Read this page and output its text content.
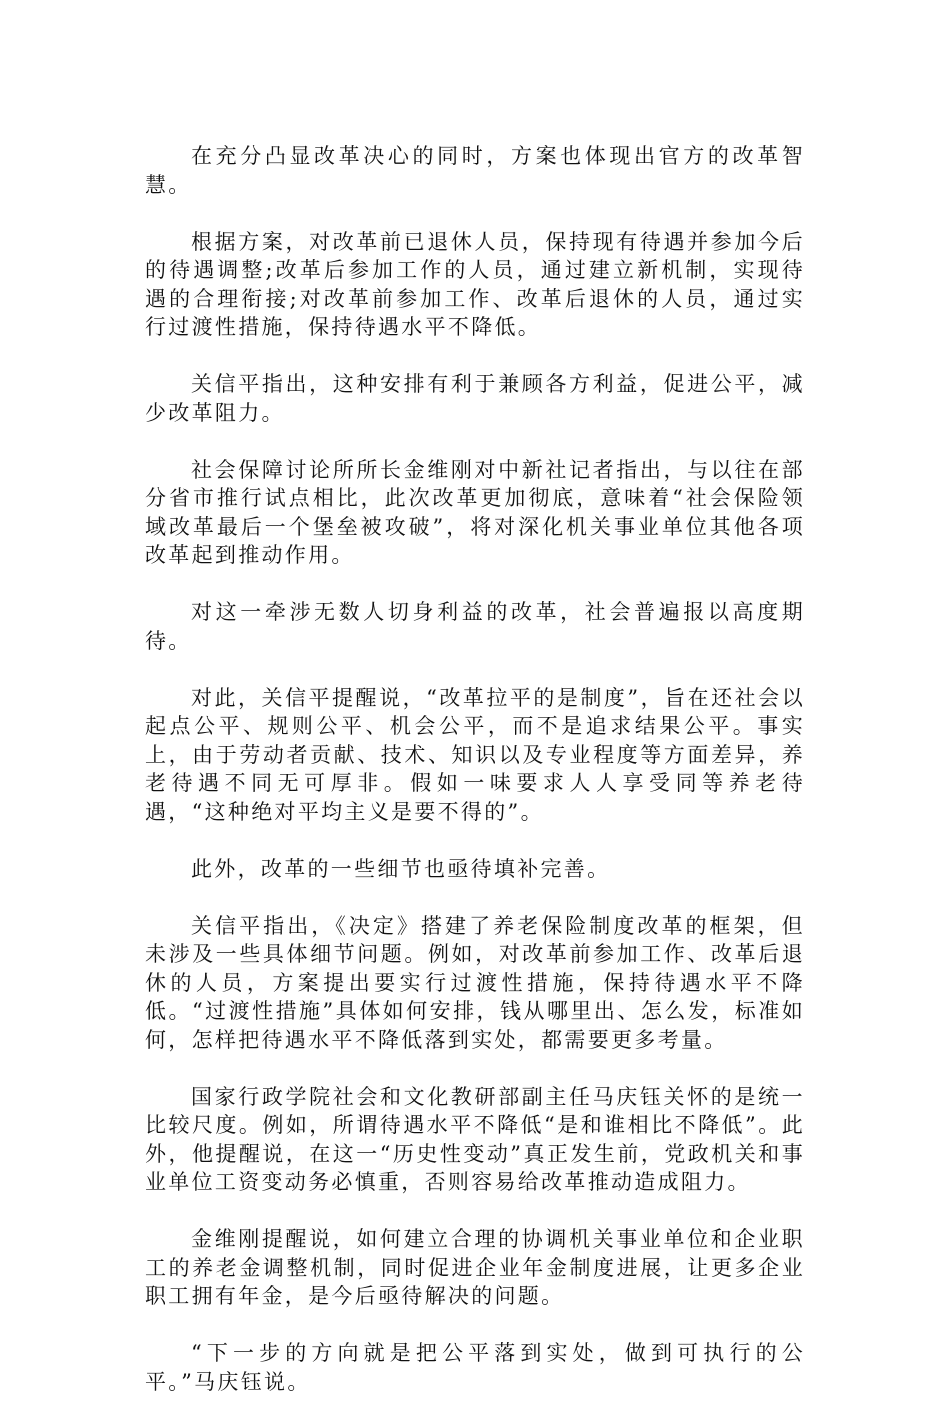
在充分凸显改革决心的同时，方案也体现出官方的改革智慧。

根据方案，对改革前已退休人员，保持现有待遇并参加今后的待遇调整;改革后参加工作的人员，通过建立新机制，实现待遇的合理衔接;对改革前参加工作、改革后退休的人员，通过实行过渡性措施，保持待遇水平不降低。

关信平指出，这种安排有利于兼顾各方利益，促进公平，减少改革阻力。

社会保障讨论所所长金维刚对中新社记者指出，与以往在部分省市推行试点相比，此次改革更加彻底，意味着“社会保险领域改革最后一个堡垒被攻破”，将对深化机关事业单位其他各项改革起到推动作用。

对这一牵涉无数人切身利益的改革，社会普遍报以高度期待。

对此，关信平提醒说，“改革拉平的是制度”，旨在还社会以起点公平、规则公平、机会公平，而不是追求结果公平。事实上，由于劳动者贡献、技术、知识以及专业程度等方面差异，养老待遇不同无可厚非。假如一味要求人人享受同等养老待遇，“这种绝对平均主义是要不得的”。

此外，改革的一些细节也亟待填补完善。

关信平指出，《决定》搭建了养老保险制度改革的框架，但未涉及一些具体细节问题。例如，对改革前参加工作、改革后退休的人员，方案提出要实行过渡性措施，保持待遇水平不降低。“过渡性措施”具体如何安排，钱从哪里出、怎么发，标准如何，怎样把待遇水平不降低落到实处，都需要更多考量。

国家行政学院社会和文化教研部副主任马庆钰关怀的是统一比较尺度。例如，所谓待遇水平不降低“是和谁相比不降低”。此外，他提醒说，在这一“历史性变动”真正发生前，党政机关和事业单位工资变动务必慎重，否则容易给改革推动造成阻力。

金维刚提醒说，如何建立合理的协调机关事业单位和企业职工的养老金调整机制，同时促进企业年金制度进展，让更多企业职工拥有年金，是今后亟待解决的问题。

“下一步的方向就是把公平落到实处，做到可执行的公平。”马庆钰说。
